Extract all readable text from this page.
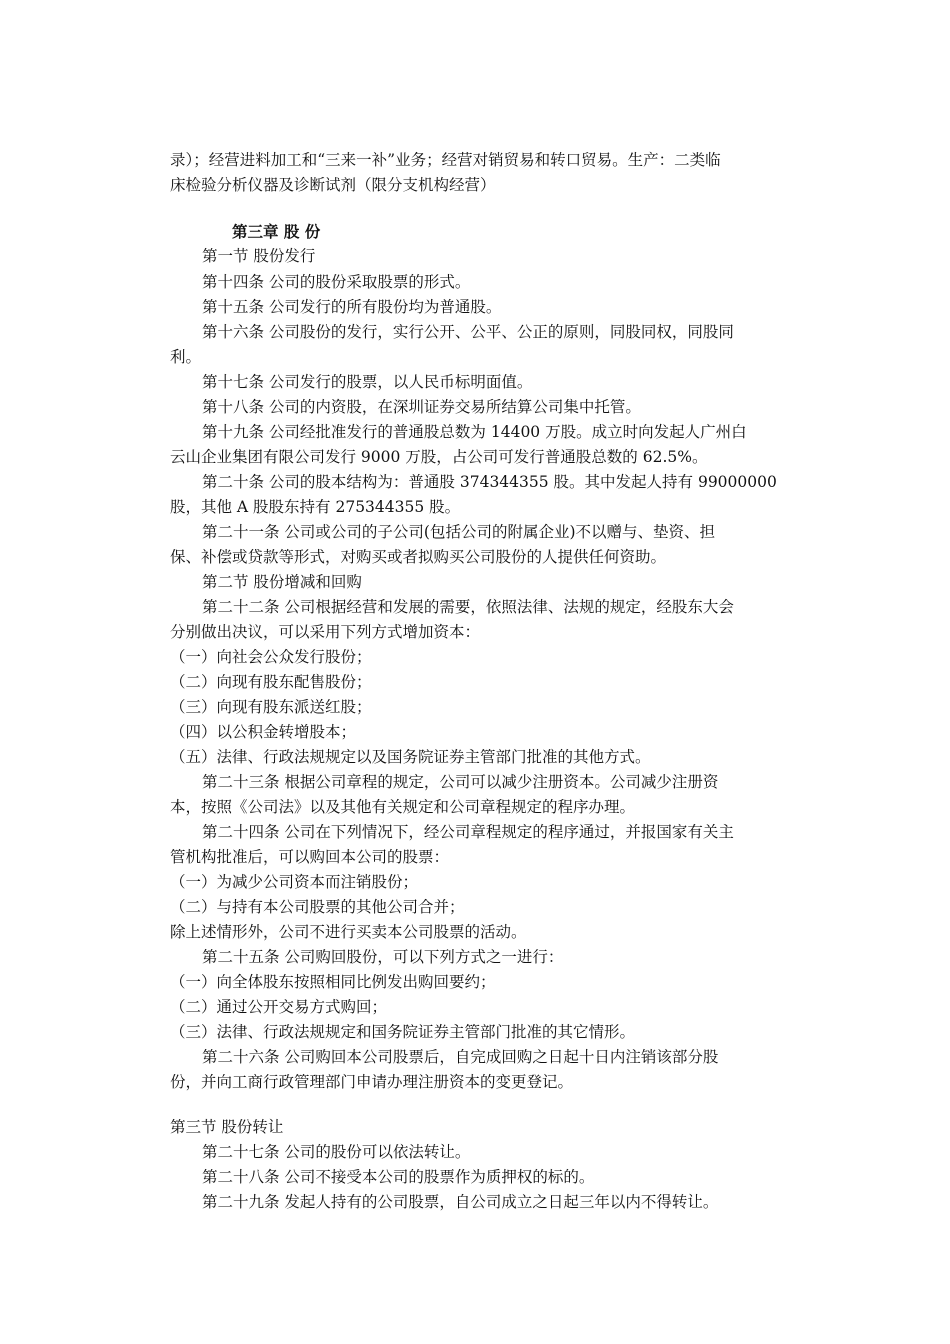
录）；经营进料加工和“三来一补”业务；经营对销贸易和转口贸易。生产：二类临
床检验分析仪器及诊断试剂（限分支机构经营）
第三章 股 份
第一节 股份发行
第十四条 公司的股份采取股票的形式。
第十五条 公司发行的所有股份均为普通股。
第十六条 公司股份的发行，实行公开、公平、公正的原则，同股同权，同股同
利。
第十七条 公司发行的股票，以人民币标明面值。
第十八条 公司的内资股，在深圳证券交易所结算公司集中托管。
第十九条 公司经批准发行的普通股总数为 14400 万股。成立时向发起人广州白
云山企业集团有限公司发行 9000 万股，占公司可发行普通股总数的 62.5%。
第二十条 公司的股本结构为：普通股 374344355 股。其中发起人持有 99000000
股，其他 A 股股东持有 275344355 股。
第二十一条 公司或公司的子公司(包括公司的附属企业)不以赠与、垫资、担
保、补偿或贷款等形式，对购买或者拟购买公司股份的人提供任何资助。
第二节 股份增减和回购
第二十二条 公司根据经营和发展的需要，依照法律、法规的规定，经股东大会
分别做出决议，可以采用下列方式增加资本：
（一）向社会公众发行股份；
（二）向现有股东配售股份；
（三）向现有股东派送红股；
（四）以公积金转增股本；
（五）法律、行政法规规定以及国务院证券主管部门批准的其他方式。
第二十三条 根据公司章程的规定，公司可以减少注册资本。公司减少注册资
本，按照《公司法》以及其他有关规定和公司章程规定的程序办理。
第二十四条 公司在下列情况下，经公司章程规定的程序通过，并报国家有关主
管机构批准后，可以购回本公司的股票：
（一）为减少公司资本而注销股份；
（二）与持有本公司股票的其他公司合并；
除上述情形外，公司不进行买卖本公司股票的活动。
第二十五条 公司购回股份，可以下列方式之一进行：
（一）向全体股东按照相同比例发出购回要约；
（二）通过公开交易方式购回；
（三）法律、行政法规规定和国务院证券主管部门批准的其它情形。
第二十六条 公司购回本公司股票后，自完成回购之日起十日内注销该部分股
份，并向工商行政管理部门申请办理注册资本的变更登记。
第三节 股份转让
第二十七条 公司的股份可以依法转让。
第二十八条 公司不接受本公司的股票作为质押权的标的。
第二十九条 发起人持有的公司股票，自公司成立之日起三年以内不得转让。
